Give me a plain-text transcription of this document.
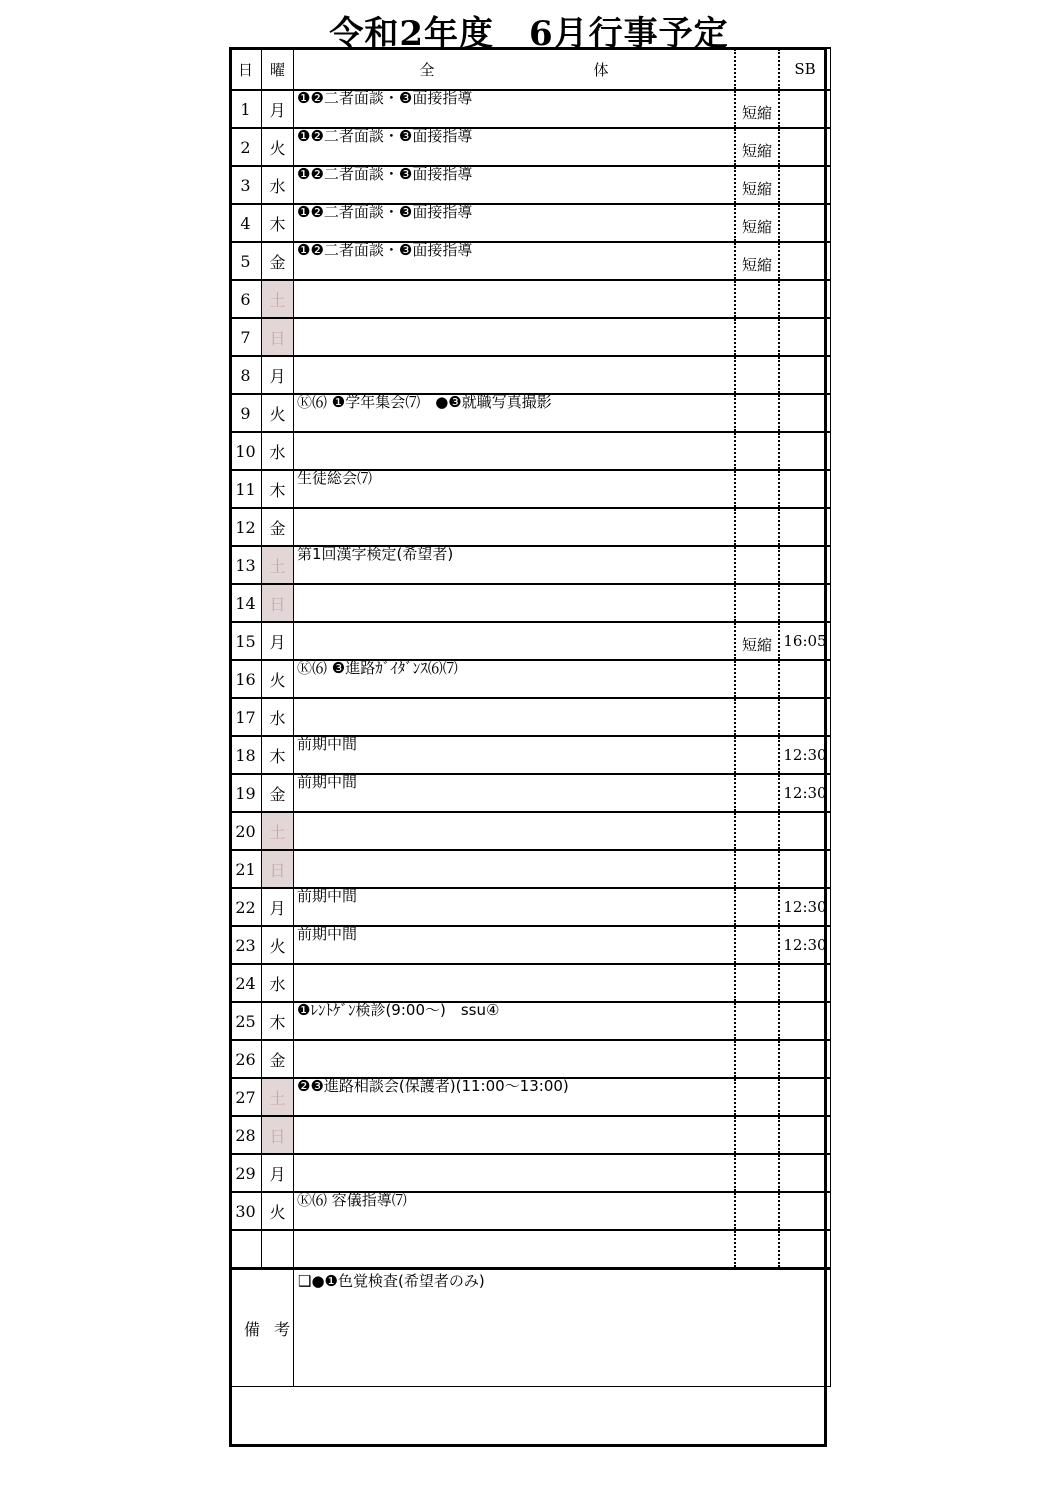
令和2年度　6月行事予定
日	曜	全　体		SB
1	月	❶❷二者面談・❸面接指導	短縮	
2	火	❶❷二者面談・❸面接指導	短縮	
3	水	❶❷二者面談・❸面接指導	短縮	
4	木	❶❷二者面談・❸面接指導	短縮	
5	金	❶❷二者面談・❸面接指導	短縮	
6	土	

7	日	

8	月	

9	火	Ⓚ⑹ ❶学年集会⑺　●❸就職写真撮影		

10	水	

11	木	生徒総会⑺		

12	金	

13	土	第1回漢字検定(希望者)		

14	日	

15	月		短縮	16:05
16	火	Ⓚ⑹ ❸進路ｶﾞｲﾀﾞﾝｽ⑹⑺		

17	水	

18	木	前期中間		12:30
19	金	前期中間		12:30
20	土	

21	日	

22	月	前期中間		12:30
23	火	前期中間		12:30
24	水	

25	木	❶ﾚﾝﾄｹﾞﾝ検診(9:00～)　ssu④		

26	金	

27	土	❷❸進路相談会(保護者)(11:00～13:00)		

28	日	

29	月	

30	火	Ⓚ⑹ 容儀指導⑺		

備考		❑●❶色覚検査(希望者のみ)		
